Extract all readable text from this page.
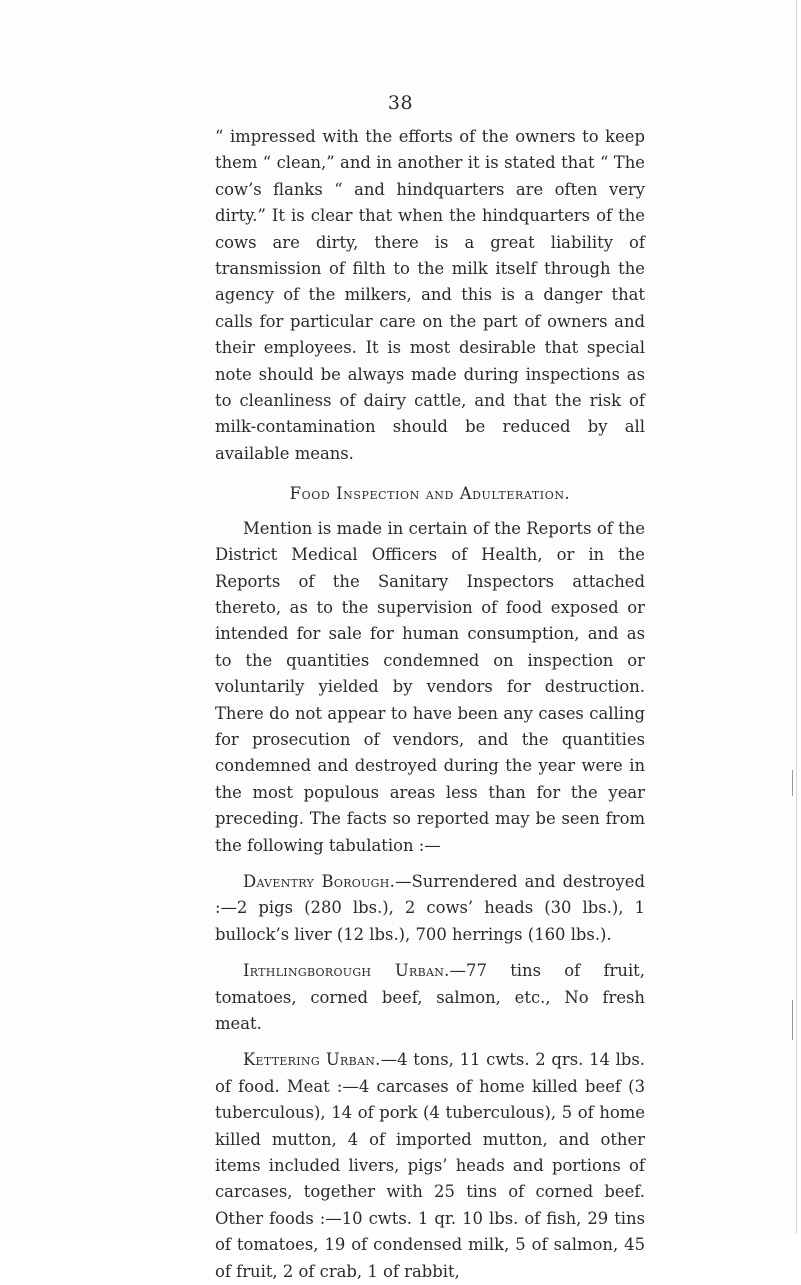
38

“ impressed with the efforts of the owners to keep them “ clean,” and in another it is stated that “ The cow’s flanks “ and hindquarters are often very dirty.” It is clear that when the hindquarters of the cows are dirty, there is a great liability of transmission of filth to the milk itself through the agency of the milkers, and this is a danger that calls for particular care on the part of owners and their employees. It is most desirable that special note should be always made during inspections as to cleanliness of dairy cattle, and that the risk of milk-contamination should be reduced by all available means.

Food Inspection and Adulteration.

Mention is made in certain of the Reports of the District Medical Officers of Health, or in the Reports of the Sanitary Inspectors attached thereto, as to the supervision of food exposed or intended for sale for human consumption, and as to the quantities condemned on inspection or voluntarily yielded by vendors for destruction. There do not appear to have been any cases calling for prosecution of vendors, and the quantities condemned and destroyed during the year were in the most populous areas less than for the year preceding. The facts so reported may be seen from the following tabulation :—

Daventry Borough.—Surrendered and destroyed :—2 pigs (280 lbs.), 2 cows’ heads (30 lbs.), 1 bullock’s liver (12 lbs.), 700 herrings (160 lbs.).

Irthlingborough Urban.—77 tins of fruit, tomatoes, corned beef, salmon, etc., No fresh meat.

Kettering Urban.—4 tons, 11 cwts. 2 qrs. 14 lbs. of food. Meat :—4 carcases of home killed beef (3 tuberculous), 14 of pork (4 tuberculous), 5 of home killed mutton, 4 of imported mutton, and other items included livers, pigs’ heads and portions of carcases, together with 25 tins of corned beef. Other foods :—10 cwts. 1 qr. 10 lbs. of fish, 29 tins of tomatoes, 19 of condensed milk, 5 of salmon, 45 of fruit, 2 of crab, 1 of rabbit,
